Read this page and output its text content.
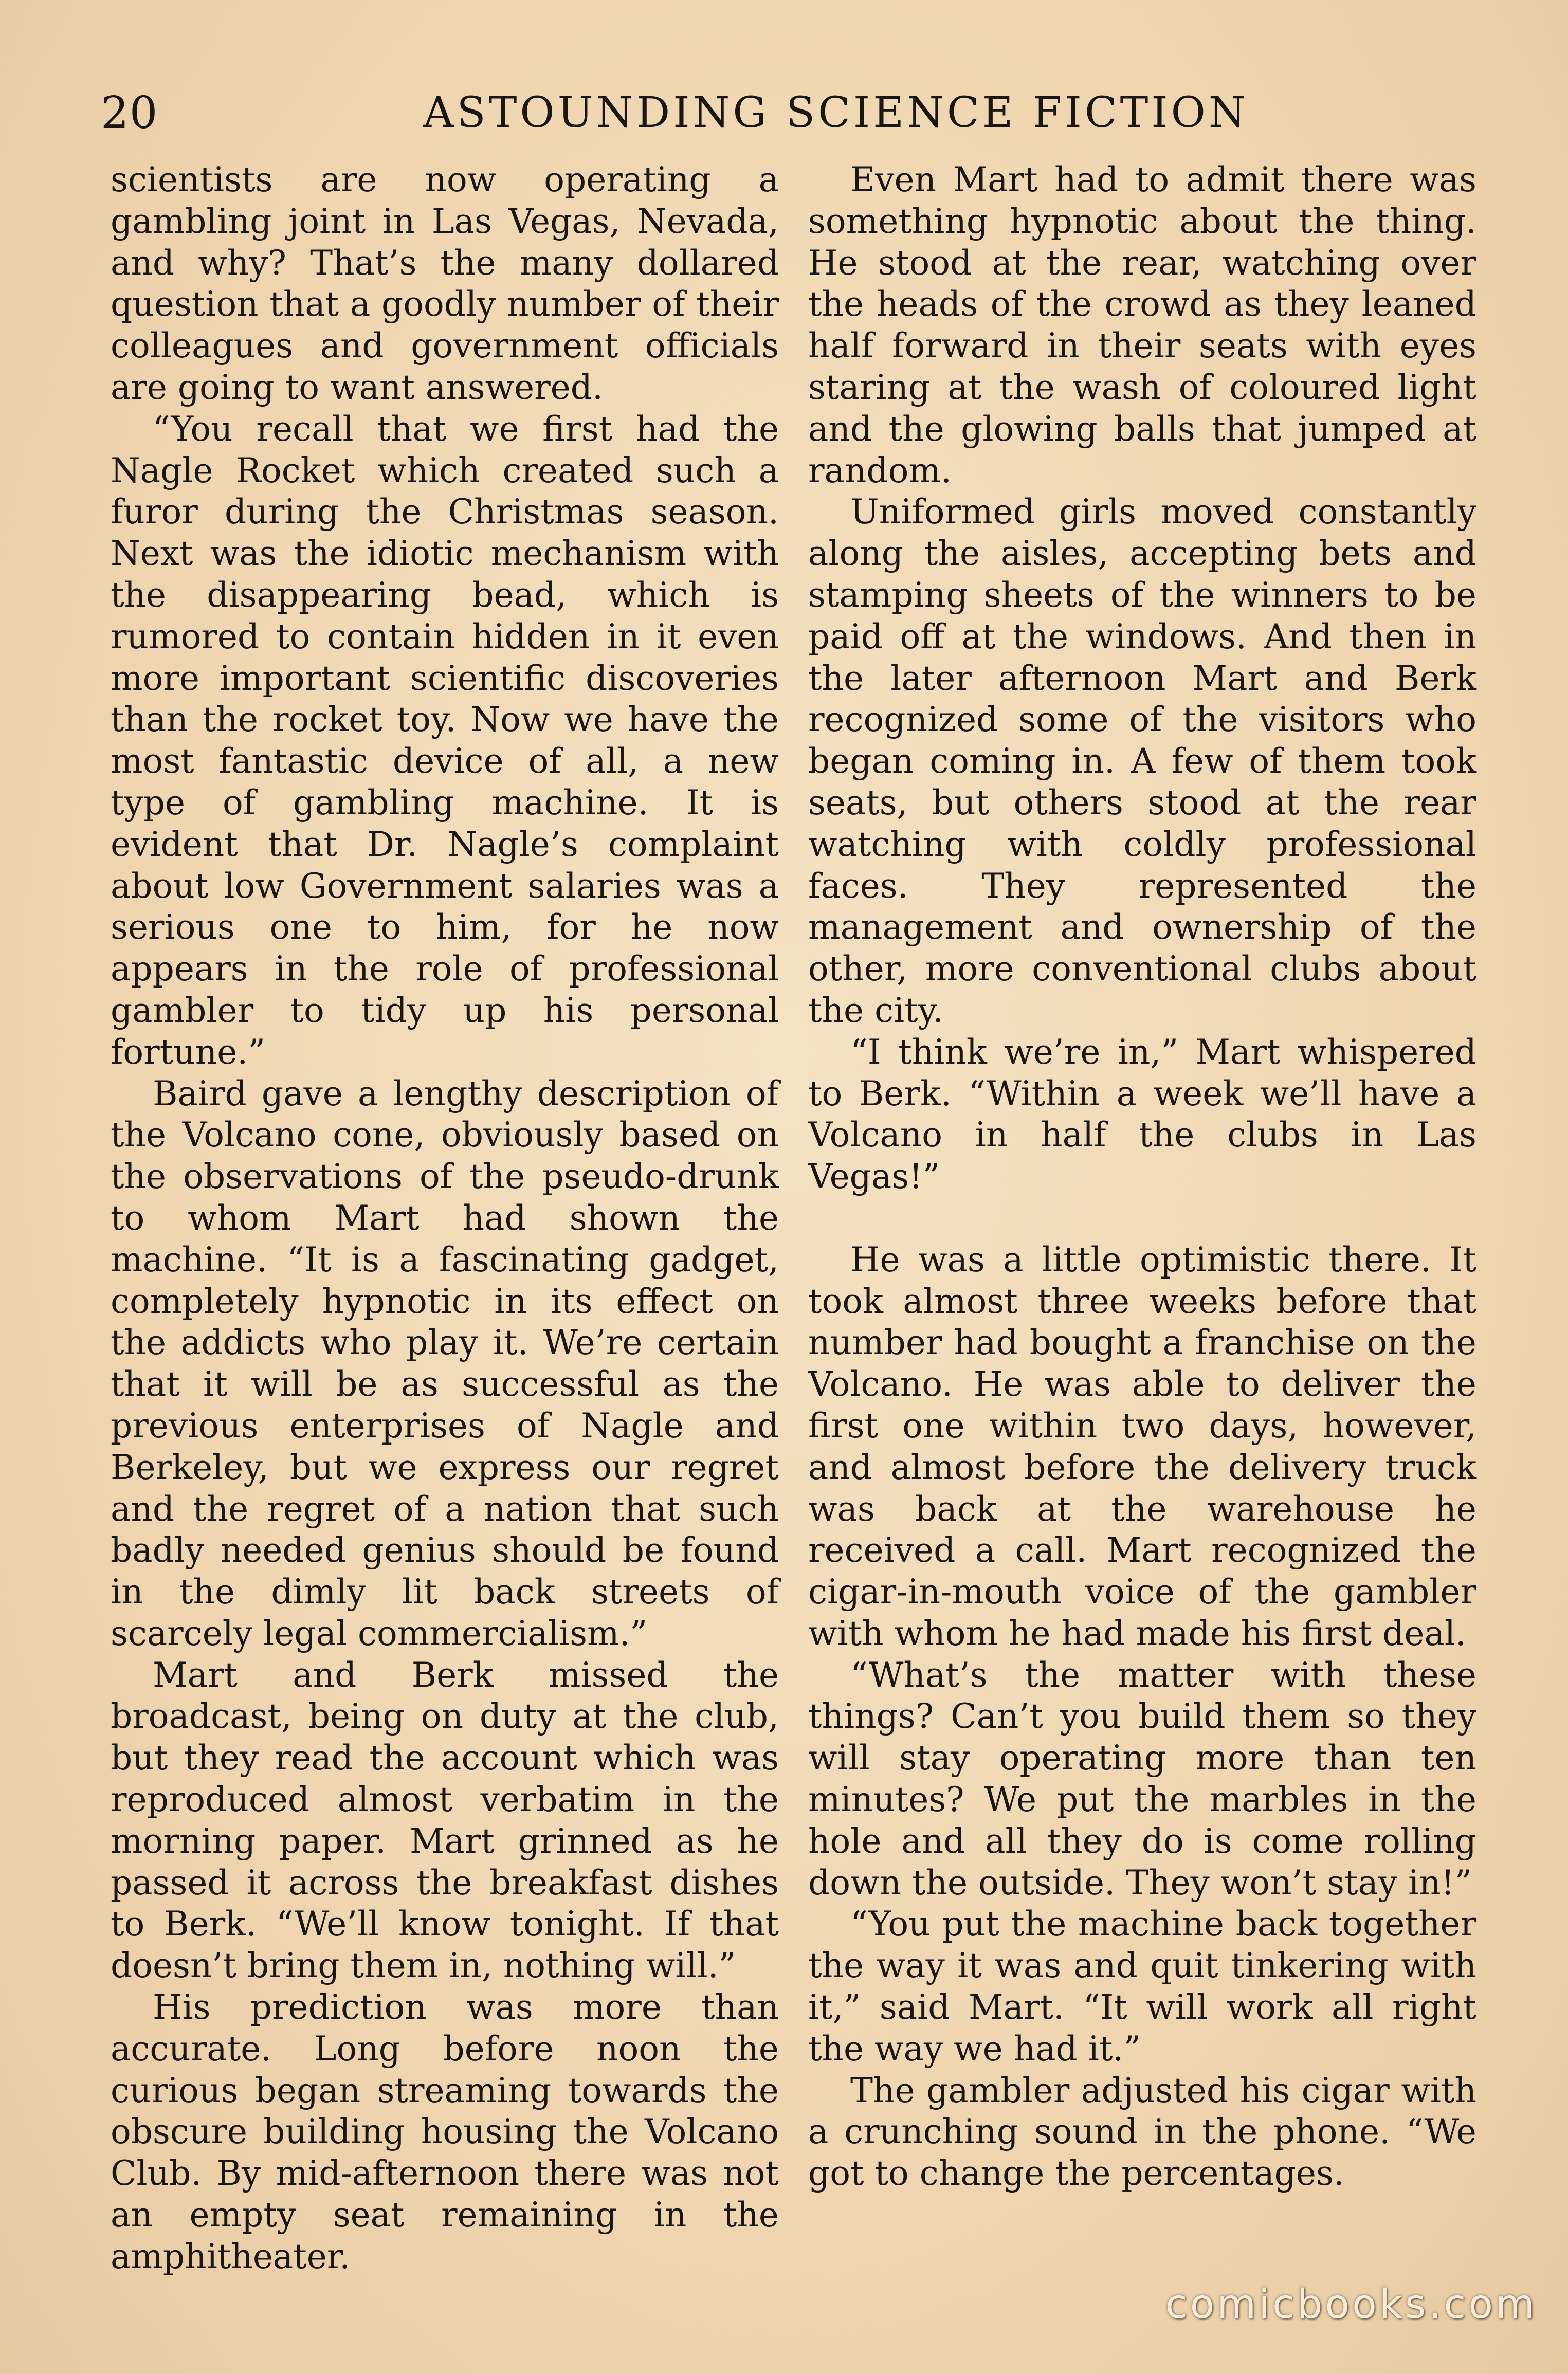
20	ASTOUNDING SCIENCE FICTION

scientists are now operating a gambling joint in Las Vegas, Nevada, and why? That’s the many dollared question that a goodly number of their colleagues and government officials are going to want answered.

“You recall that we first had the Nagle Rocket which created such a furor during the Christmas season. Next was the idiotic mechanism with the disappearing bead, which is rumored to contain hidden in it even more important scientific discoveries than the rocket toy. Now we have the most fantastic device of all, a new type of gambling machine. It is evident that Dr. Nagle’s complaint about low Government salaries was a serious one to him, for he now appears in the role of professional gambler to tidy up his personal fortune.”

Baird gave a lengthy description of the Volcano cone, obviously based on the observations of the pseudo-drunk to whom Mart had shown the machine. “It is a fascinating gadget, completely hypnotic in its effect on the addicts who play it. We’re certain that it will be as successful as the previous enterprises of Nagle and Berkeley, but we express our regret and the regret of a nation that such badly needed genius should be found in the dimly lit back streets of scarcely legal commercialism.”

Mart and Berk missed the broadcast, being on duty at the club, but they read the account which was reproduced almost verbatim in the morning paper. Mart grinned as he passed it across the breakfast dishes to Berk. “We’ll know tonight. If that doesn’t bring them in, nothing will.”

His prediction was more than accurate. Long before noon the curious began streaming towards the obscure building housing the Volcano Club. By mid-afternoon there was not an empty seat remaining in the amphitheater.

Even Mart had to admit there was something hypnotic about the thing. He stood at the rear, watching over the heads of the crowd as they leaned half forward in their seats with eyes staring at the wash of coloured light and the glowing balls that jumped at random.

Uniformed girls moved constantly along the aisles, accepting bets and stamping sheets of the winners to be paid off at the windows. And then in the later afternoon Mart and Berk recognized some of the visitors who began coming in. A few of them took seats, but others stood at the rear watching with coldly professional faces. They represented the management and ownership of the other, more conventional clubs about the city.

“I think we’re in,” Mart whispered to Berk. “Within a week we’ll have a Volcano in half the clubs in Las Vegas!”

He was a little optimistic there. It took almost three weeks before that number had bought a franchise on the Volcano. He was able to deliver the first one within two days, however, and almost before the delivery truck was back at the warehouse he received a call. Mart recognized the cigar-in-mouth voice of the gambler with whom he had made his first deal.

“What’s the matter with these things? Can’t you build them so they will stay operating more than ten minutes? We put the marbles in the hole and all they do is come rolling down the outside. They won’t stay in!”

“You put the machine back together the way it was and quit tinkering with it,” said Mart. “It will work all right the way we had it.”

The gambler adjusted his cigar with a crunching sound in the phone. “We got to change the percentages.

comicbooks.com
